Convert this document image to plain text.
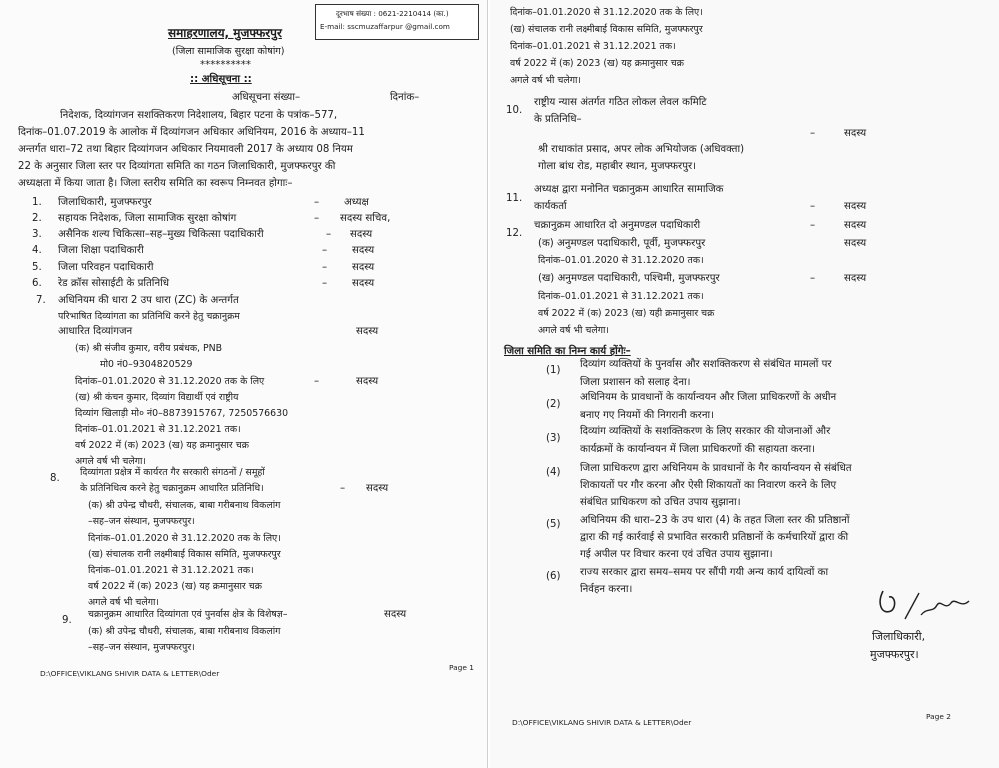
दूरभाष संख्या : 0621-2210414 (का.)
E-mail: sscmuzaffarpur @gmail.com
समाहरणालय, मुजफ्फरपुर
(जिला सामाजिक सुरक्षा कोषांग)
**********
:: अधिसूचना ::
अधिसूचना संख्या–	दिनांक–
निदेशक, दिव्यांगजन सशक्तिकरण निदेशालय, बिहार पटना के पत्रांक–577,
दिनांक–01.07.2019 के आलोक में दिव्यांगजन अधिकार अधिनियम, 2016 के अध्याय–11
अन्तर्गत धारा–72 तथा बिहार दिव्यांगजन अधिकार नियमावली 2017 के अध्याय 08 नियम
22 के अनुसार जिला स्तर पर दिव्यांगता समिति का गठन जिलाधिकारी, मुजफ्फरपुर की
अध्यक्षता में किया जाता है। जिला स्तरीय समिति का स्वरूप निम्नवत होगाः–
1. जिलाधिकारी, मुजफ्फरपुर	– अध्यक्ष
2. सहायक निदेशक, जिला सामाजिक सुरक्षा कोषांग	– सदस्य सचिव,
3. असैनिक शल्य चिकित्सा–सह–मुख्य चिकित्सा पदाधिकारी	– सदस्य
4. जिला शिक्षा पदाधिकारी	– सदस्य
5. जिला परिवहन पदाधिकारी	– सदस्य
6. रेड क्रॉस सोसाईटी के प्रतिनिधि	– सदस्य
7. अधिनियम की धारा 2 उप धारा (ZC) के अन्तर्गत
परिभाषित दिव्यांगता का प्रतिनिधि करने हेतु चक्रानुक्रम
आधारित दिव्यांगजन	सदस्य
(क) श्री संजीव कुमार, वरीय प्रबंधक, PNB
मो0 नं0–9304820529
दिनांक–01.01.2020 से 31.12.2020 तक के लिए	–	सदस्य
(ख) श्री कंचन कुमार, दिव्यांग विद्यार्थी एवं राष्ट्रीय
दिव्यांग खिलाड़ी मो० नं0–8873915767, 7250576630
दिनांक–01.01.2021 से 31.12.2021 तक।
वर्ष 2022 में (क) 2023 (ख) यह क्रमानुसार चक्र
अगले वर्ष भी चलेगा।
8.
दिव्यांगता प्रक्षेत्र में कार्यरत गैर सरकारी संगठनों / समूहों
के प्रतिनिधित्व करने हेतु चक्रानुक्रम आधारित प्रतिनिधि।	– सदस्य
(क) श्री उपेन्द्र चौधरी, संचालक, बाबा गरीबनाथ विकलांग
–सह–जन संस्थान, मुजफ्फरपुर।
दिनांक–01.01.2020 से 31.12.2020 तक के लिए।
(ख) संचालक रानी लक्ष्मीबाई विकास समिति, मुजफ्फरपुर
दिनांक–01.01.2021 से 31.12.2021 तक।
वर्ष 2022 में (क) 2023 (ख) यह क्रमानुसार चक्र
अगले वर्ष भी चलेगा।
9.
चक्रानुक्रम आधारित दिव्यांगता एवं पुनर्वास क्षेत्र के विशेषज्ञ–	सदस्य
(क) श्री उपेन्द्र चौधरी, संचालक, बाबा गरीबनाथ विकलांग
–सह–जन संस्थान, मुजफ्फरपुर।
D:\OFFICE\VIKLANG SHIVIR DATA & LETTER\Oder
Page 1
दिनांक–01.01.2020 से 31.12.2020 तक के लिए।
(ख) संचालक रानी लक्ष्मीबाई विकास समिति, मुजफ्फरपुर
दिनांक–01.01.2021 से 31.12.2021 तक।
वर्ष 2022 में (क) 2023 (ख) यह क्रमानुसार चक्र
अगले वर्ष भी चलेगा।
10.
राष्ट्रीय न्यास अंतर्गत गठित लोकल लेवल कमिटि
के प्रतिनिधि–
–	सदस्य
श्री राधाकांत प्रसाद, अपर लोक अभियोजक (अधिवक्ता)
गोला बांध रोड, महाबीर स्थान, मुजफ्फरपुर।
11.
अध्यक्ष द्वारा मनोनित चक्रानुक्रम आधारित सामाजिक
कार्यकर्ता	–	सदस्य
12.
चक्रानुक्रम आधारित दो अनुमण्डल पदाधिकारी	–	सदस्य
(क) अनुमण्डल पदाधिकारी, पूर्वी, मुजफ्फरपुर	सदस्य
दिनांक–01.01.2020 से 31.12.2020 तक।
(ख) अनुमण्डल पदाधिकारी, पश्चिमी, मुजफ्फरपुर	–	सदस्य
दिनांक–01.01.2021 से 31.12.2021 तक।
वर्ष 2022 में (क) 2023 (ख) यही क्रमानुसार चक्र
अगले वर्ष भी चलेगा।
जिला समिति का निम्न कार्य होंगेः–
(1)
दिव्यांग व्यक्तियों के पुनर्वास और सशक्तिकरण से संबंधित मामलों पर
जिला प्रशासन को सलाह देना।
(2)
अधिनियम के प्रावधानों के कार्यान्वयन और जिला प्राधिकरणों के अधीन
बनाए गए नियमों की निगरानी करना।
(3)
दिव्यांग व्यक्तियों के सशक्तिकरण के लिए सरकार की योजनाओं और
कार्यक्रमों के कार्यान्वयन में जिला प्राधिकरणों की सहायता करना।
(4) जिला प्राधिकरण द्वारा अधिनियम के प्रावधानों के गैर कार्यान्वयन से संबंधित
शिकायतों पर गौर करना और ऐसी शिकायतों का निवारण करने के लिए
संबंधित प्राधिकरण को उचित उपाय सुझाना।
(5) अधिनियम की धारा–23 के उप धारा (4) के तहत जिला स्तर की प्रतिष्ठानों
द्वारा की गई कार्रवाई से प्रभावित सरकारी प्रतिष्ठानों के कर्मचारियों द्वारा की
गई अपील पर विचार करना एवं उचित उपाय सुझाना।
(6) राज्य सरकार द्वारा समय–समय पर सौंपी गयी अन्य कार्य दायित्वों का
निर्वहन करना।
जिलाधिकारी,
मुजफ्फरपुर।
D:\OFFICE\VIKLANG SHIVIR DATA & LETTER\Oder
Page 2
